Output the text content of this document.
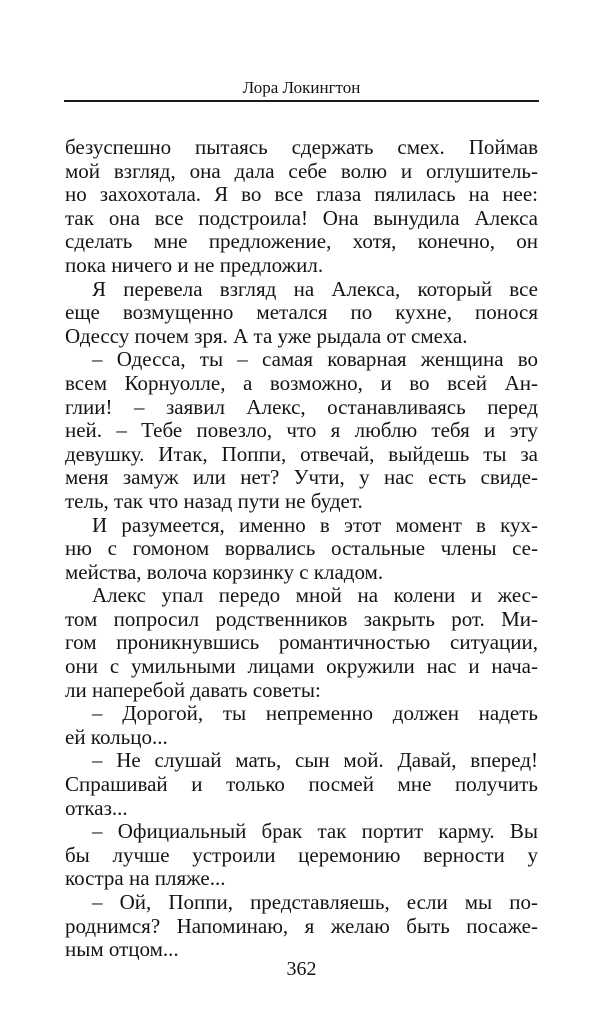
Лора Локингтон
безуспешно пытаясь сдержать смех. Поймав
мой взгляд, она дала себе волю и оглушитель-
но захохотала. Я во все глаза пялилась на нее:
так она все подстроила! Она вынудила Алекса
сделать мне предложение, хотя, конечно, он
пока ничего и не предложил.
Я перевела взгляд на Алекса, который все
еще возмущенно метался по кухне, понося
Одессу почем зря. А та уже рыдала от смеха.
– Одесса, ты – самая коварная женщина во
всем Корнуолле, а возможно, и во всей Ан-
глии! – заявил Алекс, останавливаясь перед
ней. – Тебе повезло, что я люблю тебя и эту
девушку. Итак, Поппи, отвечай, выйдешь ты за
меня замуж или нет? Учти, у нас есть свиде-
тель, так что назад пути не будет.
И разумеется, именно в этот момент в кух-
ню с гомоном ворвались остальные члены се-
мейства, волоча корзинку с кладом.
Алекс упал передо мной на колени и жес-
том попросил родственников закрыть рот. Ми-
гом проникнувшись романтичностью ситуации,
они с умильными лицами окружили нас и нача-
ли наперебой давать советы:
– Дорогой, ты непременно должен надеть
ей кольцо...
– Не слушай мать, сын мой. Давай, вперед!
Спрашивай и только посмей мне получить
отказ...
– Официальный брак так портит карму. Вы
бы лучше устроили церемонию верности у
костра на пляже...
– Ой, Поппи, представляешь, если мы по-
роднимся? Напоминаю, я желаю быть посаже-
ным отцом...
362
